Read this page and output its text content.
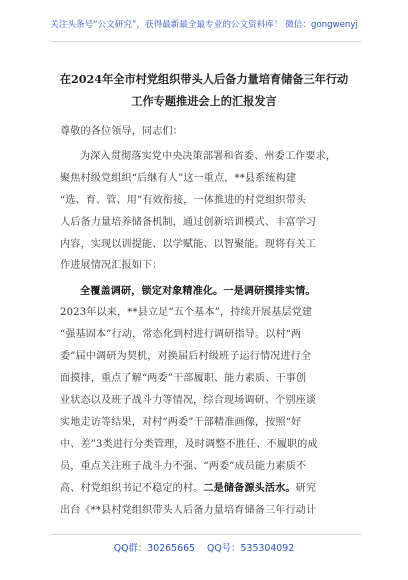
关注头条号“公文研究”，获得最新最全最专业的公文资料库！ 微信：gongwenyj
在2024年全市村党组织带头人后备力量培育储备三年行动
工作专题推进会上的汇报发言
尊敬的各位领导，同志们：
为深入贯彻落实党中央决策部署和省委、州委工作要求，
聚焦村级党组织“后继有人”这一重点，**县系统构建
“选、育、管、用”有效衔接，一体推进的村党组织带头
人后备力量培养储备机制，通过创新培训模式、丰富学习
内容，实现以训提能、以学赋能、以智聚能。现将有关工
作进展情况汇报如下：
全覆盖调研，锁定对象精准化。一是调研摸排实情。
2023年以来，**县立足“五个基本”，持续开展基层党建
“强基固本”行动，常态化到村进行调研指导。以村“两
委”届中调研为契机，对换届后村级班子运行情况进行全
面摸排，重点了解“两委”干部履职、能力素质、干事创
业状态以及班子战斗力等情况，综合现场调研、个别座谈
实地走访等结果，对村“两委”干部精准画像，按照“好
中、差”3类进行分类管理，及时调整不胜任、不履职的成
员，重点关注班子战斗力不强、“两委”成员能力素质不
高、村党组织书记不稳定的村。二是储备源头活水。研究
出台《**县村党组织带头人后备力量培育储备三年行动计
QQ群：30265665 QQ号：535304092
